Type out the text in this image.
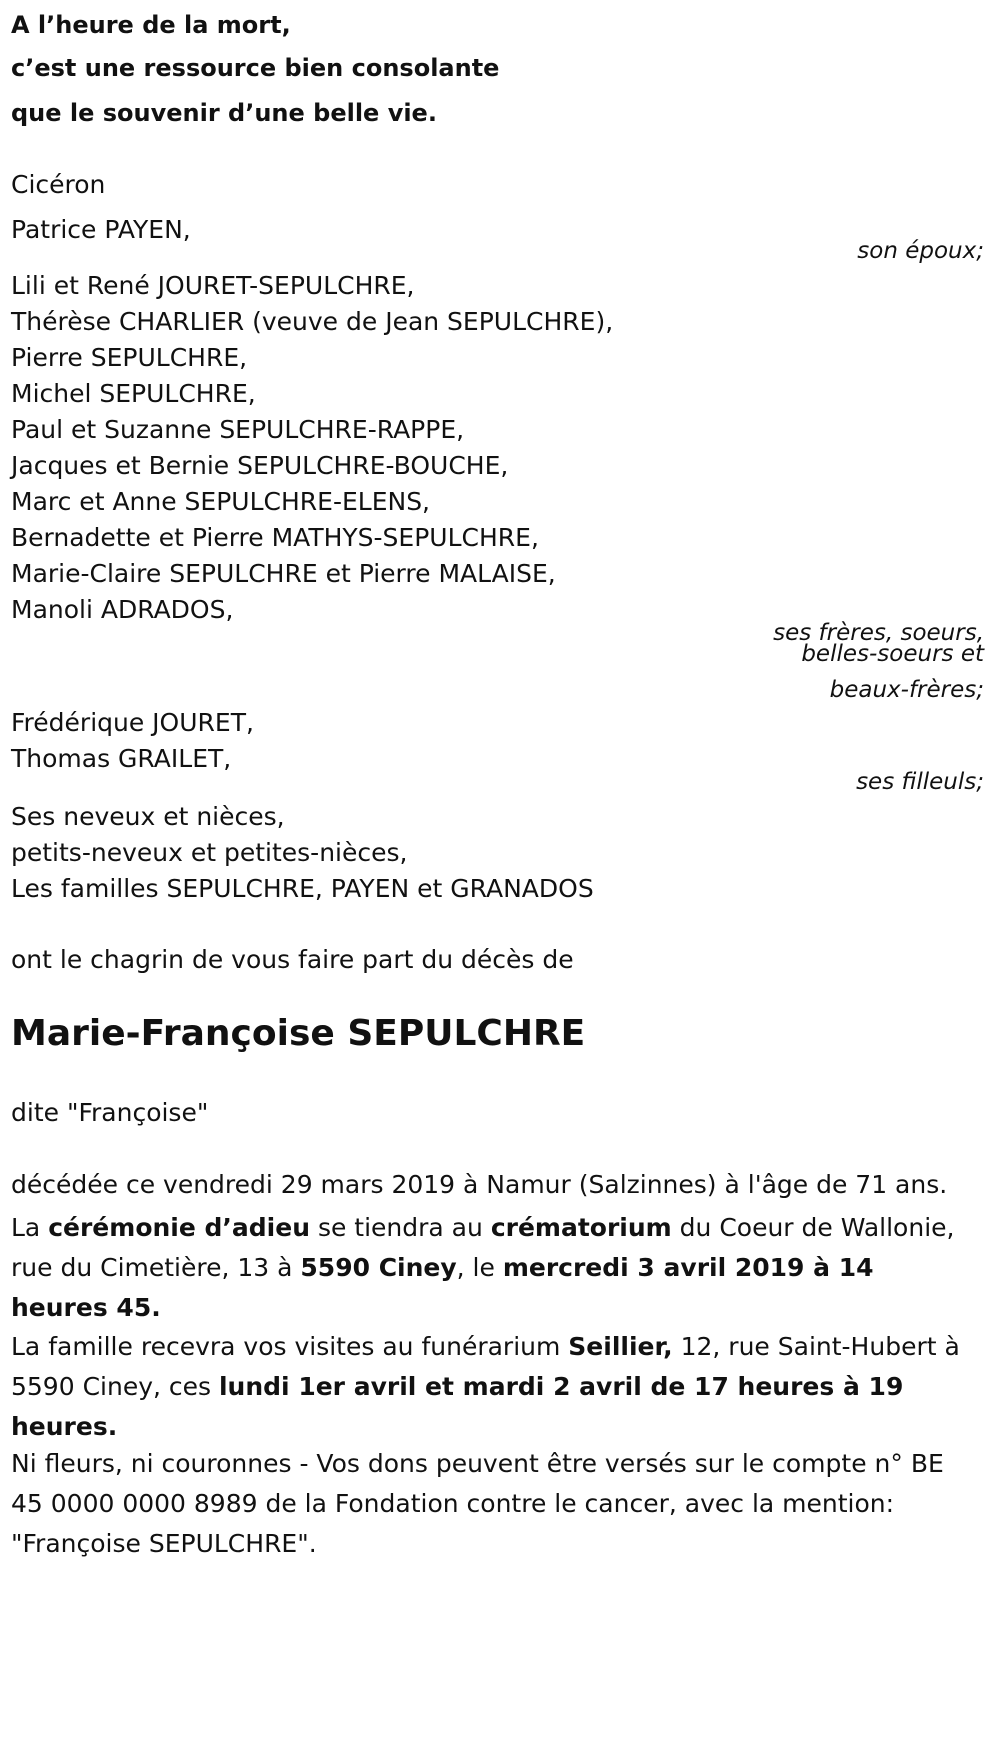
A l’heure de la mort,
c’est une ressource bien consolante
que le souvenir d’une belle vie.
Cicéron
Patrice PAYEN,
son époux;
Lili et René JOURET-SEPULCHRE,
Thérèse CHARLIER (veuve de Jean SEPULCHRE),
Pierre SEPULCHRE,
Michel SEPULCHRE,
Paul et Suzanne SEPULCHRE-RAPPE,
Jacques et Bernie SEPULCHRE-BOUCHE,
Marc et Anne SEPULCHRE-ELENS,
Bernadette et Pierre MATHYS-SEPULCHRE,
Marie-Claire SEPULCHRE et Pierre MALAISE,
Manoli ADRADOS,
ses frères, soeurs,
belles-soeurs et
beaux-frères;
Frédérique JOURET,
Thomas GRAILET,
ses filleuls;
Ses neveux et nièces,
petits-neveux et petites-nièces,
Les familles SEPULCHRE, PAYEN et GRANADOS
ont le chagrin de vous faire part du décès de
Marie-Françoise SEPULCHRE
dite "Françoise"
décédée ce vendredi 29 mars 2019 à Namur (Salzinnes) à l'âge de 71 ans.
La cérémonie d’adieu se tiendra au crématorium du Coeur de Wallonie, rue du Cimetière, 13 à 5590 Ciney, le mercredi 3 avril 2019 à 14 heures 45.
La famille recevra vos visites au funérarium Seillier, 12, rue Saint-Hubert à 5590 Ciney, ces lundi 1er avril et mardi 2 avril de 17 heures à 19 heures.
Ni fleurs, ni couronnes - Vos dons peuvent être versés sur le compte n° BE 45 0000 0000 8989 de la Fondation contre le cancer, avec la mention: "Françoise SEPULCHRE".
